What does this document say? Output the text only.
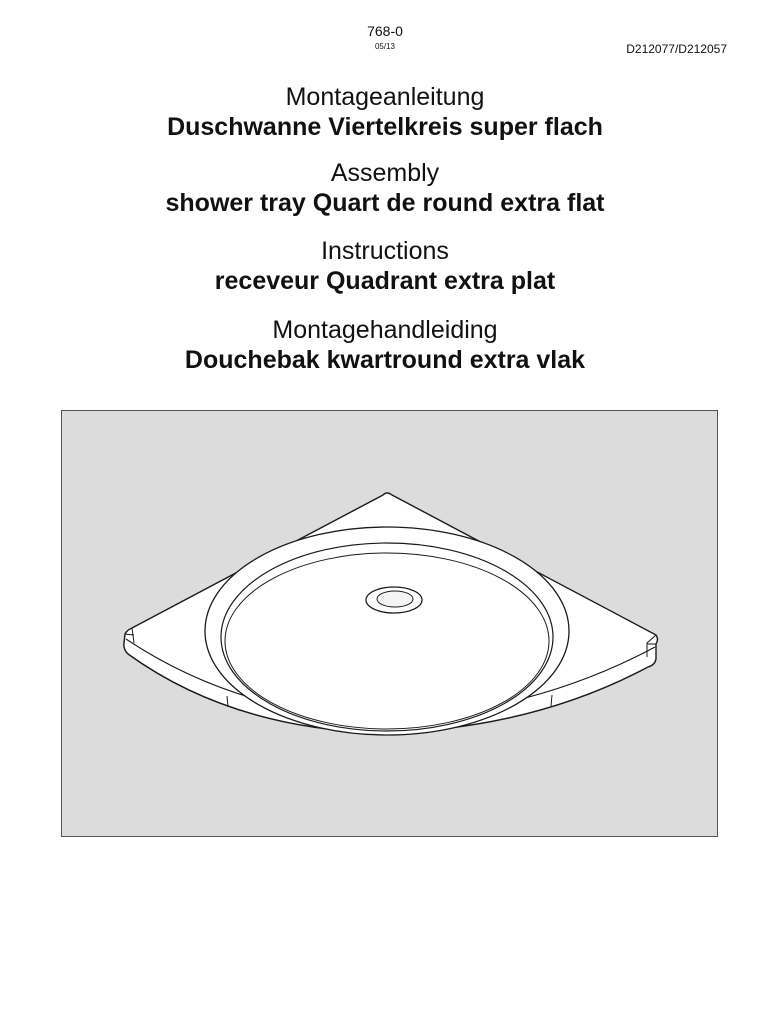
768-0
05/13	D212077/D212057
Montageanleitung
Duschwanne Viertelkreis super flach
Assembly
shower tray Quart de round extra flat
Instructions
receveur Quadrant extra plat
Montagehandleiding
Douchebak kwartround extra vlak
